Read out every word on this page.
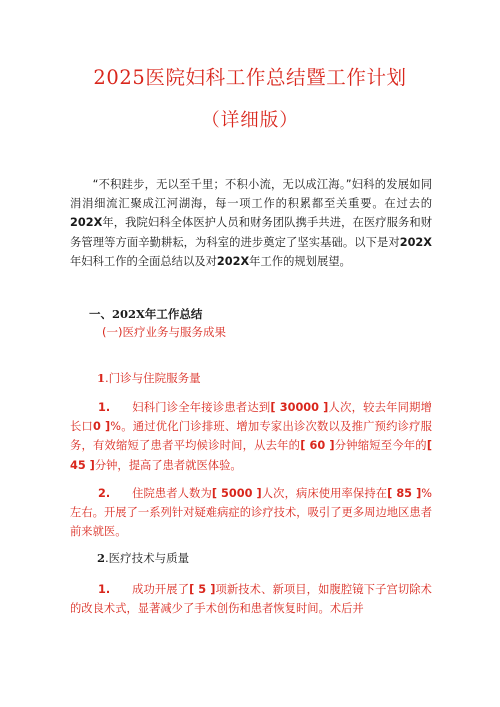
2025医院妇科工作总结暨工作计划
（详细版）

“不积跬步，无以至千里；不积小流，无以成江海。”妇科的发展如同涓涓细流汇聚成江河湖海，每一项工作的积累都至关重要。在过去的202X年，我院妇科全体医护人员和财务团队携手共进，在医疗服务和财务管理等方面辛勤耕耘，为科室的进步奠定了坚实基础。以下是对202X年妇科工作的全面总结以及对202X年工作的规划展望。

一、202X年工作总结
(一)医疗业务与服务成果
1.门诊与住院服务量

1. 妇科门诊全年接诊患者达到[ 30000 ]人次，较去年同期增长口0 ]%。通过优化门诊排班、增加专家出诊次数以及推广预约诊疗服务，有效缩短了患者平均候诊时间，从去年的[ 60 ]分钟缩短至今年的[ 45 ]分钟，提高了患者就医体验。

2. 住院患者人数为[ 5000 ]人次，病床使用率保持在[ 85 ]%左右。开展了一系列针对疑难病症的诊疗技术，吸引了更多周边地区患者前来就医。

2.医疗技术与质量

1. 成功开展了[ 5 ]项新技术、新项目，如腹腔镜下子宫切除术的改良术式，显著减少了手术创伤和患者恢复时间。术后并
